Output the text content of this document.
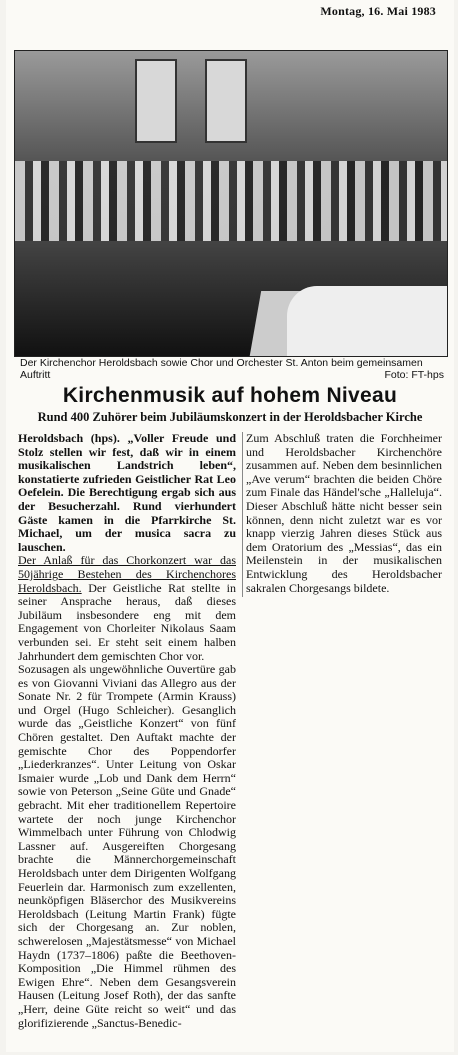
Montag, 16. Mai 1983
Der Kirchenchor Heroldsbach sowie Chor und Orchester St. Anton beim gemeinsamen Auftritt	Foto: FT-hps
Kirchenmusik auf hohem Niveau
Rund 400 Zuhörer beim Jubiläumskonzert in der Heroldsbacher Kirche

Heroldsbach (hps). „Voller Freude und Stolz stellen wir fest, daß wir in einem musikalischen Landstrich leben“, konstatierte zufrieden Geistlicher Rat Leo Oefelein. Die Berechtigung ergab sich aus der Besucherzahl. Rund vierhundert Gäste kamen in die Pfarrkirche St. Michael, um der musica sacra zu lauschen.

Der Anlaß für das Chorkonzert war das 50jährige Bestehen des Kirchenchores Heroldsbach. Der Geistliche Rat stellte in seiner Ansprache heraus, daß dieses Jubiläum insbesondere eng mit dem Engagement von Chorleiter Nikolaus Saam verbunden sei. Er steht seit einem halben Jahrhundert dem gemischten Chor vor.

Sozusagen als ungewöhnliche Ouvertüre gab es von Giovanni Viviani das Allegro aus der Sonate Nr. 2 für Trompete (Armin Krauss) und Orgel (Hugo Schleicher). Gesanglich wurde das „Geistliche Konzert“ von fünf Chören gestaltet. Den Auftakt machte der gemischte Chor des Poppendorfer „Liederkranzes“. Unter Leitung von Oskar Ismaier wurde „Lob und Dank dem Herrn“ sowie von Peterson „Seine Güte und Gnade“ gebracht. Mit eher traditionellem Repertoire wartete der noch junge Kirchenchor Wimmelbach unter Führung von Chlodwig Lassner auf. Ausgereiften Chorgesang brachte die Männerchorgemeinschaft Heroldsbach unter dem Dirigenten Wolfgang Feuerlein dar. Harmonisch zum exzellenten, neunköpfigen Bläserchor des Musikvereins Heroldsbach (Leitung Martin Frank) fügte sich der Chorgesang an. Zur noblen, schwerelosen „Majestätsmesse“ von Michael Haydn (1737–1806) paßte die Beethoven-Komposition „Die Himmel rühmen des Ewigen Ehre“. Neben dem Gesangsverein Hausen (Leitung Josef Roth), der das sanfte „Herr, deine Güte reicht so weit“ und das glorifizierende „Sanctus-Benedic-

Zum Abschluß traten die Forchheimer und Heroldsbacher Kirchenchöre zusammen auf. Neben dem besinnlichen „Ave verum“ brachten die beiden Chöre zum Finale das Händel'sche „Halleluja“. Dieser Abschluß hätte nicht besser sein können, denn nicht zuletzt war es vor knapp vierzig Jahren dieses Stück aus dem Oratorium des „Messias“, das ein Meilenstein in der musikalischen Entwicklung des Heroldsbacher sakralen Chorgesangs bildete.
